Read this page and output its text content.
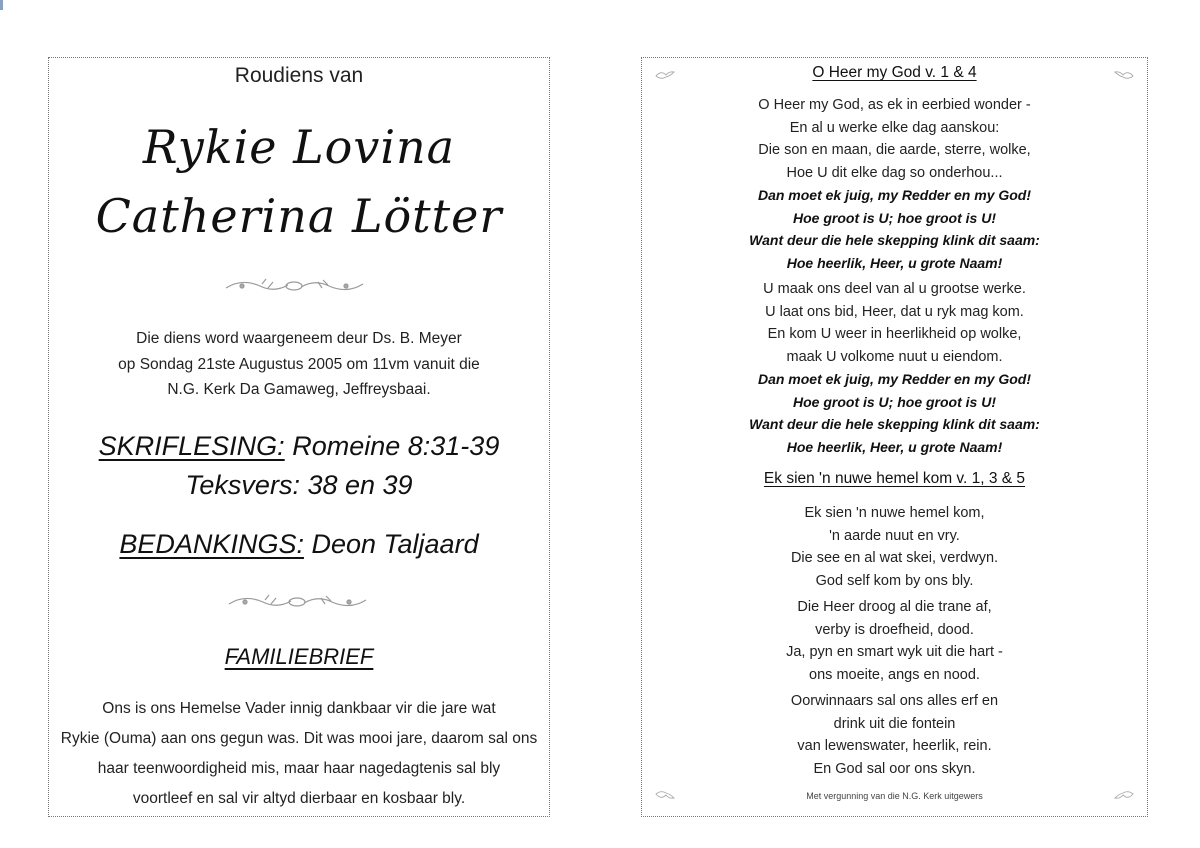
Roudiens van
Rykie Lovina
Catherina Lötter
Die diens word waargeneem deur Ds. B. Meyer
op Sondag 21ste Augustus 2005 om 11vm vanuit die
N.G. Kerk Da Gamaweg, Jeffreysbaai.
SKRIFLESING: Romeine 8:31-39
Teksvers: 38 en 39
BEDANKINGS: Deon Taljaard
FAMILIEBRIEF
Ons is ons Hemelse Vader innig dankbaar vir die jare wat
Rykie (Ouma) aan ons gegun was. Dit was mooi jare, daarom sal ons
haar teenwoordigheid mis, maar haar nagedagtenis sal bly
voortleef en sal vir altyd dierbaar en kosbaar bly.
O Heer my God v. 1 & 4
O Heer my God, as ek in eerbied wonder -
En al u werke elke dag aanskou:
Die son en maan, die aarde, sterre, wolke,
Hoe U dit elke dag so onderhou...
Dan moet ek juig, my Redder en my God!
Hoe groot is U; hoe groot is U!
Want deur die hele skepping klink dit saam:
Hoe heerlik, Heer, u grote Naam!
U maak ons deel van al u grootse werke.
U laat ons bid, Heer, dat u ryk mag kom.
En kom U weer in heerlikheid op wolke,
maak U volkome nuut u eiendom.
Dan moet ek juig, my Redder en my God!
Hoe groot is U; hoe groot is U!
Want deur die hele skepping klink dit saam:
Hoe heerlik, Heer, u grote Naam!
Ek sien 'n nuwe hemel kom v. 1, 3 & 5
Ek sien 'n nuwe hemel kom,
'n aarde nuut en vry.
Die see en al wat skei, verdwyn.
God self kom by ons bly.
Die Heer droog al die trane af,
verby is droefheid, dood.
Ja, pyn en smart wyk uit die hart -
ons moeite, angs en nood.
Oorwinnaars sal ons alles erf en
drink uit die fontein
van lewenswater, heerlik, rein.
En God sal oor ons skyn.
Met vergunning van die N.G. Kerk uitgewers
